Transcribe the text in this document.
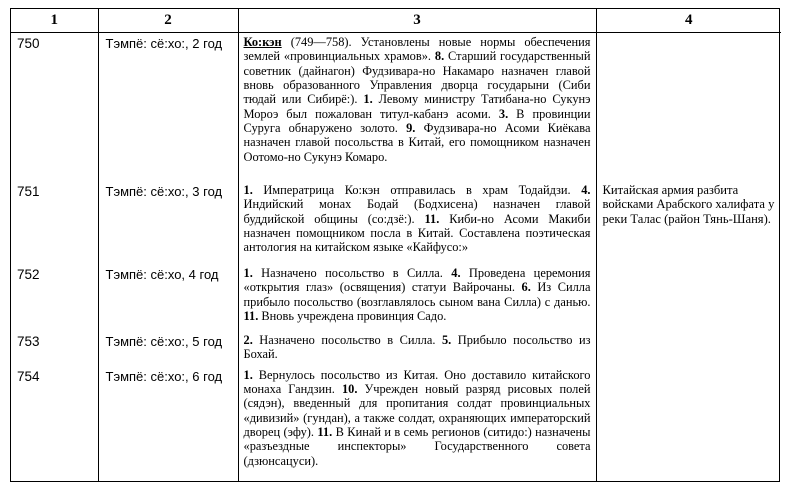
1	2	3	4

750	Тэмпё: сё:хо:, 2 год	Ко:кэн (749—758). Установлены новые нормы обеспечения землей «провинциальных храмов». 8. Старший государственный советник (дайнагон) Фудзивара-но Накамаро назначен главой вновь образованного Управления дворца государыни (Сиби тюдай или Сибирё:). 1. Левому министру Татибана-но Сукунэ Мороэ был пожалован титул-кабанэ асоми. 3. В провинции Суруга обнаружено золото. 9. Фудзивара-но Асоми Киёкава назначен главой посольства в Китай, его помощником назначен Оотомо-но Сукунэ Комаро.	

751	Тэмпё: сё:хо:, 3 год	1. Императрица Ко:кэн отправилась в храм Тодайдзи. 4. Индийский монах Бодай (Бодхисена) назначен главой буддийской общины (со:дзё:). 11. Киби-но Асоми Макиби назначен помощником посла в Китай. Составлена поэтическая антология на китайском языке «Кайфусо:»	Китайская армия разбита войсками Арабского халифата у реки Талас (район Тянь-Шаня).

752	Тэмпё: сё:хо, 4 год	1. Назначено посольство в Силла. 4. Проведена церемония «открытия глаз» (освящения) статуи Вайрочаны. 6. Из Силла прибыло посольство (возглавлялось сыном вана Силла) с данью. 11. Вновь учреждена провинция Садо.	

753	Тэмпё: сё:хо:, 5 год	2. Назначено посольство в Силла. 5. Прибыло посольство из Бохай.	

754	Тэмпё: сё:хо:, 6 год	1. Вернулось посольство из Китая. Оно доставило китайского монаха Гандзин. 10. Учрежден новый разряд рисовых полей (сядэн), введенный для пропитания солдат провинциальных «дивизий» (гундан), а также солдат, охраняющих императорский дворец (эфу). 11. В Кинай и в семь регионов (ситидо:) назначены «разъездные инспекторы» Государственного совета (дзюнсацуси).	
